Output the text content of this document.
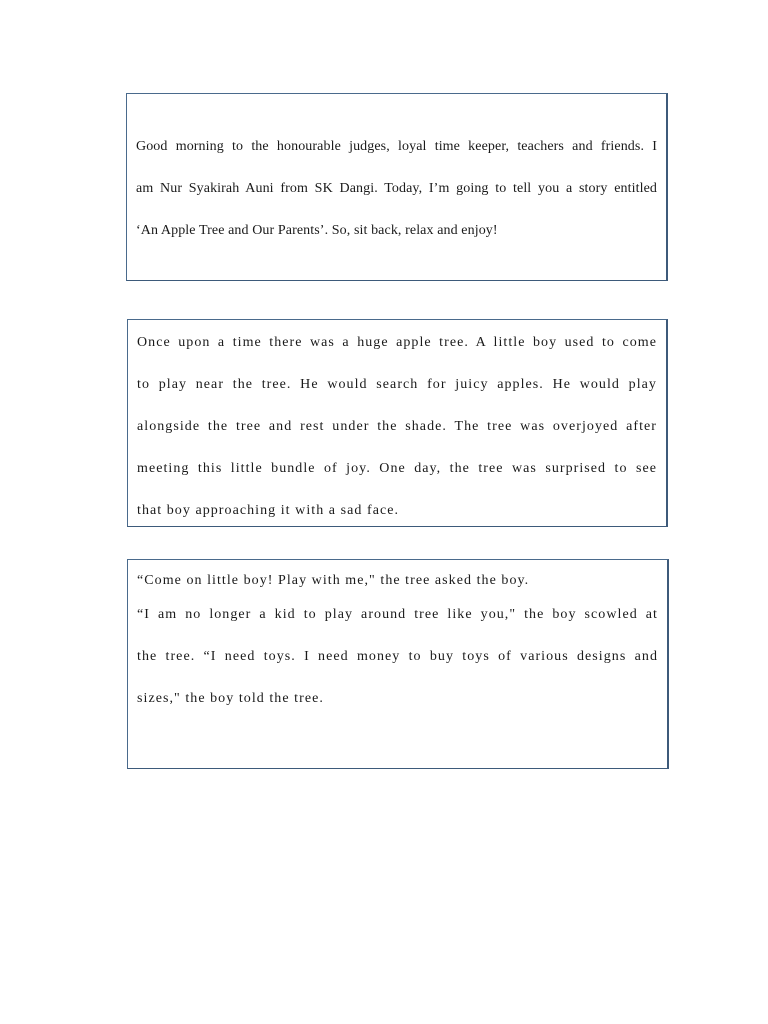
Good morning to the honourable judges, loyal time keeper, teachers and friends. I
am Nur Syakirah Auni from SK Dangi. Today, I’m going to tell you a story entitled
‘An Apple Tree and Our Parents’. So, sit back, relax and enjoy!

Once upon a time there was a huge apple tree. A little boy used to come
to play near the tree. He would search for juicy apples. He would play
alongside the tree and rest under the shade. The tree was overjoyed after
meeting this little bundle of joy. One day, the tree was surprised to see
that boy approaching it with a sad face.

“Come on little boy! Play with me," the tree asked the boy.

“I am no longer a kid to play around tree like you," the boy scowled at
the tree. “I need toys. I need money to buy toys of various designs and
sizes," the boy told the tree.
